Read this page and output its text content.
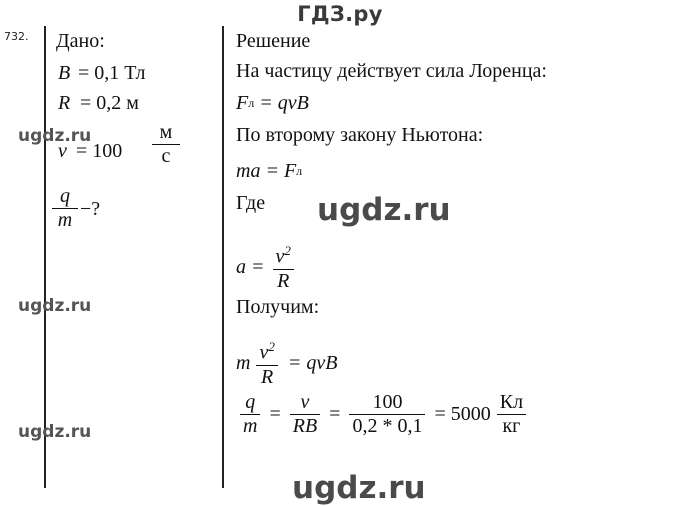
ГДЗ.ру
732. Дано:
B = 0,1 Тл
R = 0,2 м
v = 100
м
с
q
m −?
Решение
На частицу действует сила Лоренца:
F л = qvB
По второму закону Ньютона:
ma = F л
Где
$a = \frac{v^2}{R}$
Получим:
m $\frac{v^2}{R}$ = qvB
$\frac{q}{m} = \frac{v}{RB} = \frac{100}{0,2 * 0,1} = 5000 \frac{Кл}{кг}$
ugdz.ru
ugdz.ru
ugdz.ru
ugdz.ru
ugdz.ru
